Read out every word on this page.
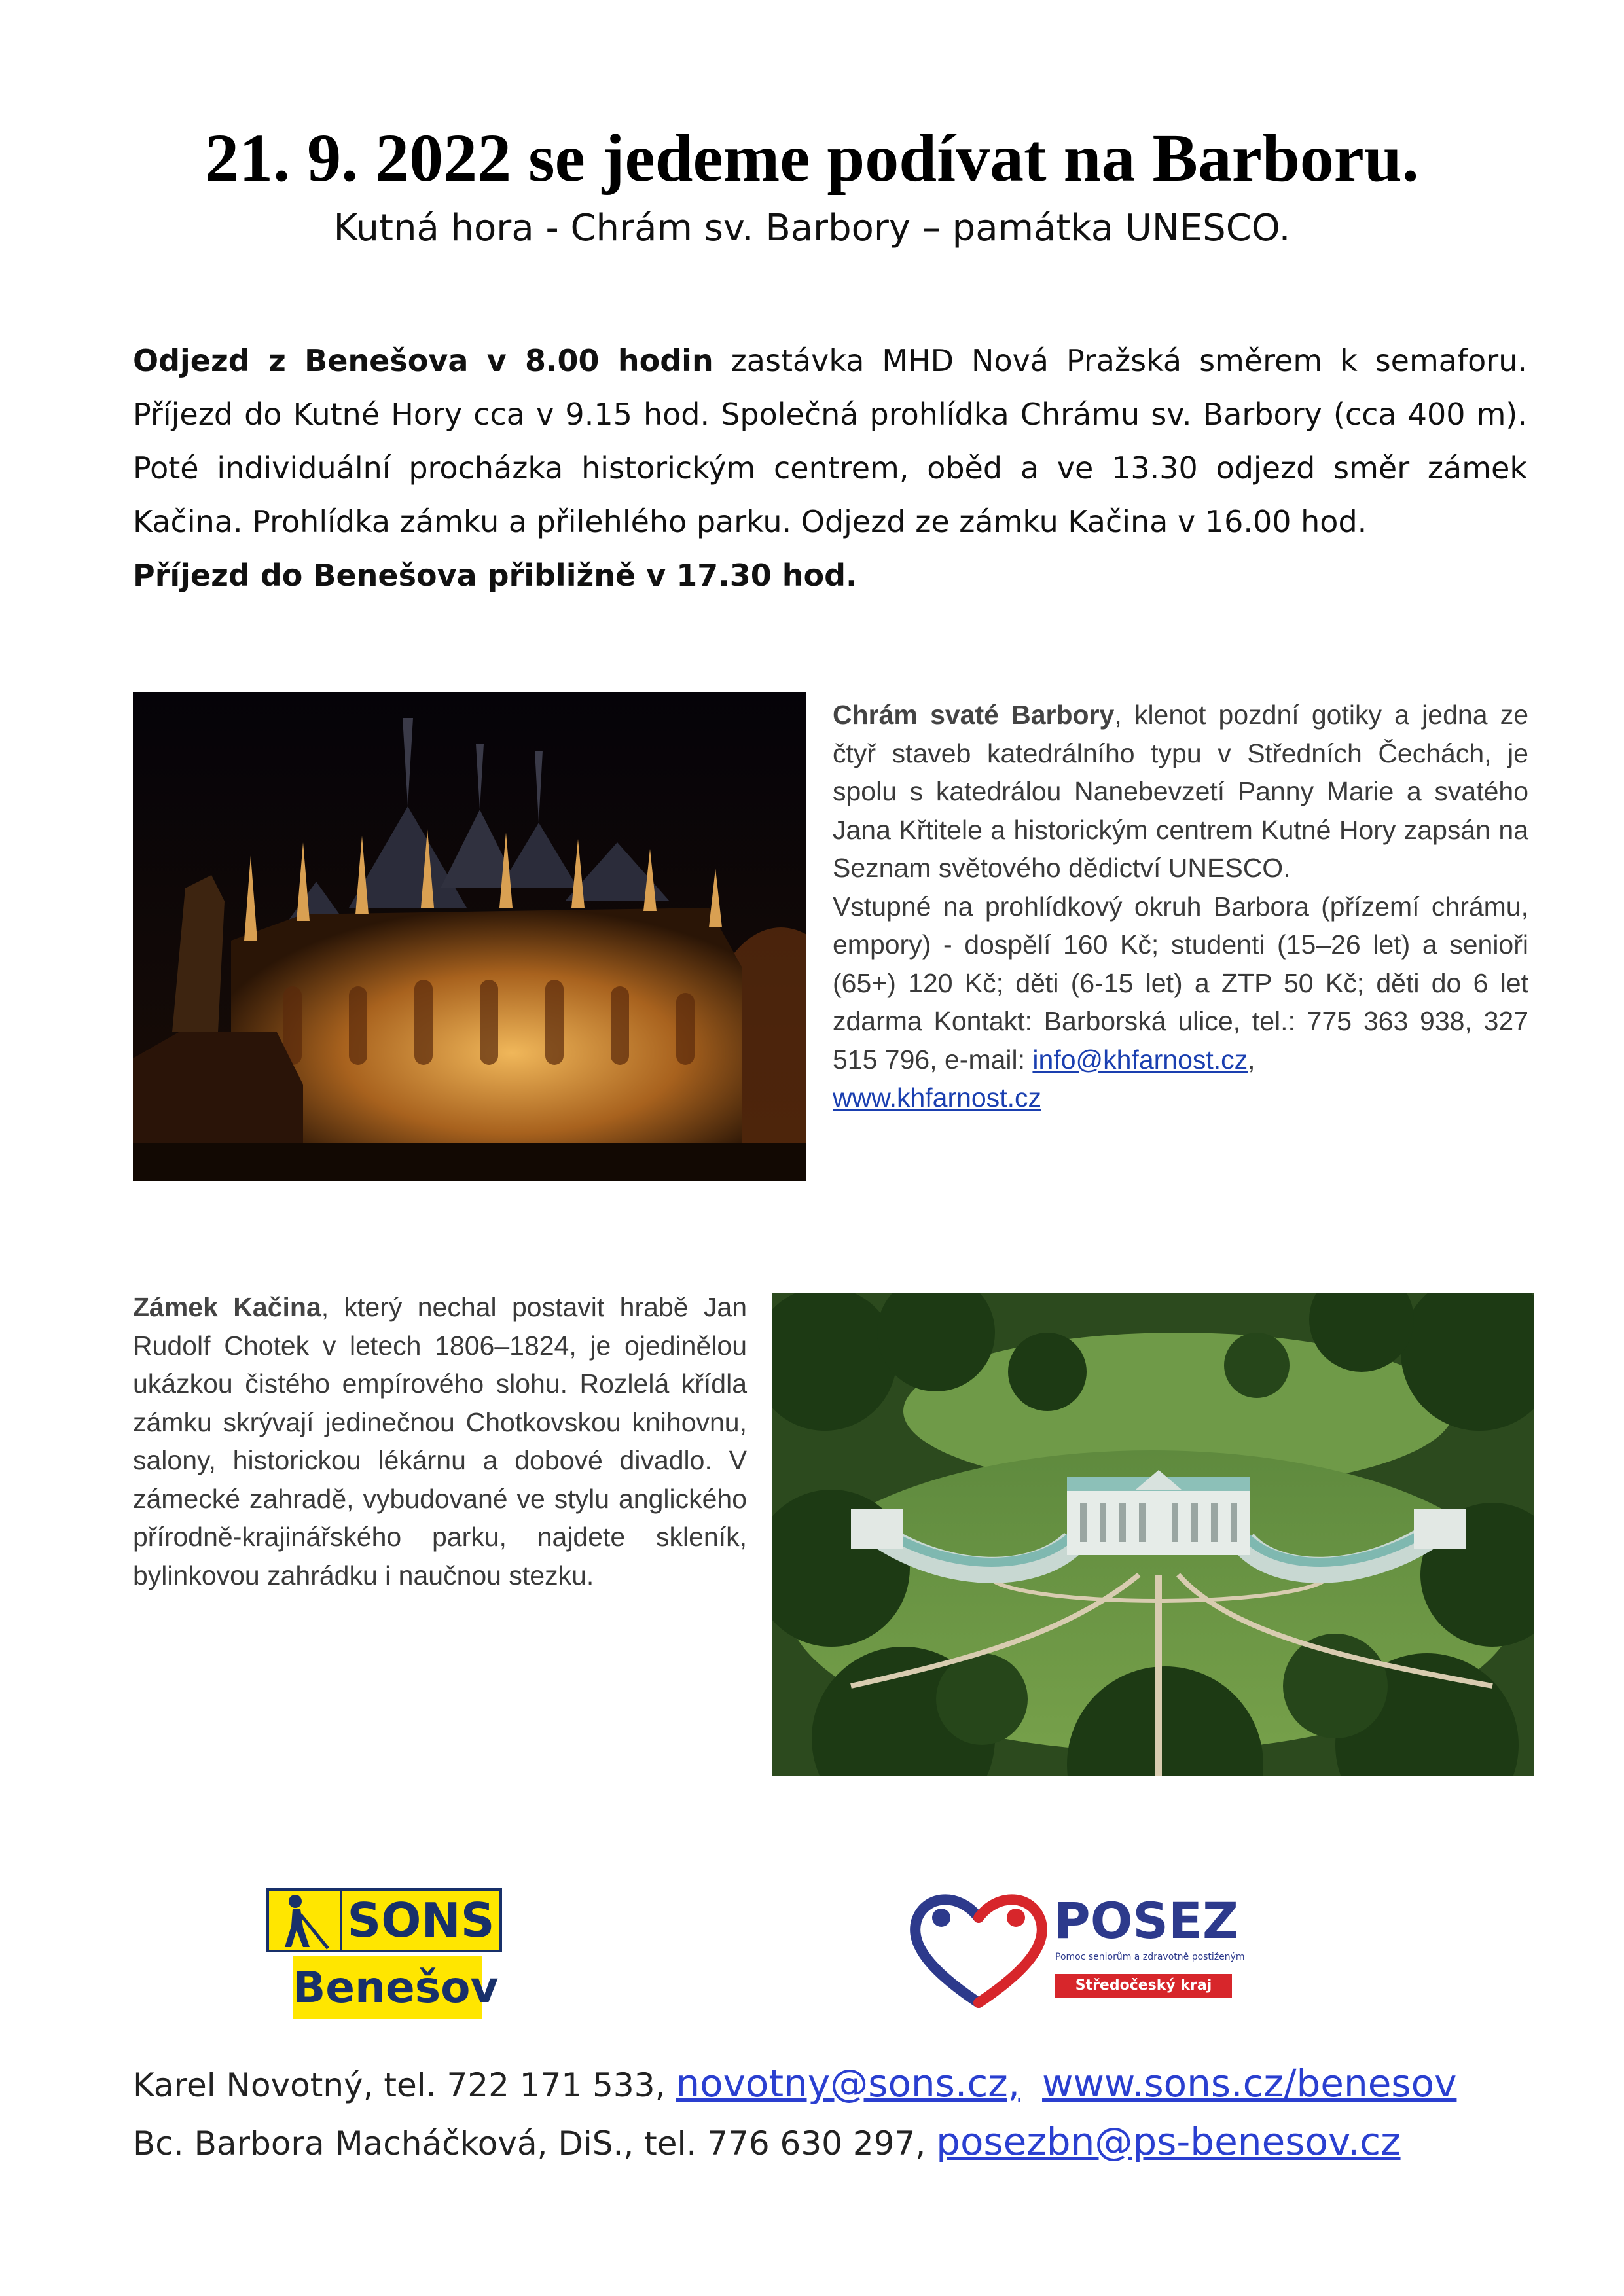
21. 9. 2022 se jedeme podívat na Barboru.
Kutná hora - Chrám sv. Barbory – památka UNESCO.
Odjezd z Benešova v 8.00 hodin zastávka MHD Nová Pražská směrem k semaforu. Příjezd do Kutné Hory cca v 9.15 hod. Společná prohlídka Chrámu sv. Barbory (cca 400 m). Poté individuální procházka historickým centrem, oběd a ve 13.30 odjezd směr zámek Kačina. Prohlídka zámku a přilehlého parku. Odjezd ze zámku Kačina v 16.00 hod.
Příjezd do Benešova přibližně v 17.30 hod.
Chrám svaté Barbory, klenot pozdní gotiky a jedna ze čtyř staveb katedrálního typu v Středních Čechách, je spolu s katedrálou Nanebevzetí Panny Marie a svatého Jana Křtitele a historickým centrem Kutné Hory zapsán na Seznam světového dědictví UNESCO.
Vstupné na prohlídkový okruh Barbora (přízemí chrámu, empory) - dospělí 160 Kč; studenti (15–26 let) a senioři (65+) 120 Kč; děti (6-15 let) a ZTP 50 Kč; děti do 6 let zdarma Kontakt: Barborská ulice, tel.: 775 363 938, 327 515 796, e-mail: info@khfarnost.cz,
www.khfarnost.cz
Zámek Kačina, který nechal postavit hrabě Jan Rudolf Chotek v letech 1806–1824, je ojedinělou ukázkou čistého empírového slohu. Rozlelá křídla zámku skrývají jedinečnou Chotkovskou knihovnu, salony, historickou lékárnu a dobové divadlo. V zámecké zahradě, vybudované ve stylu anglického přírodně-krajinářského parku, najdete skleník, bylinkovou zahrádku i naučnou stezku.
SONS
Benešov
POSEZ
Pomoc seniorům a zdravotně postiženým
Středočeský kraj
Karel Novotný, tel. 722 171 533, novotny@sons.cz, www.sons.cz/benesov
Bc. Barbora Macháčková, DiS., tel. 776 630 297, posezbn@ps-benesov.cz
